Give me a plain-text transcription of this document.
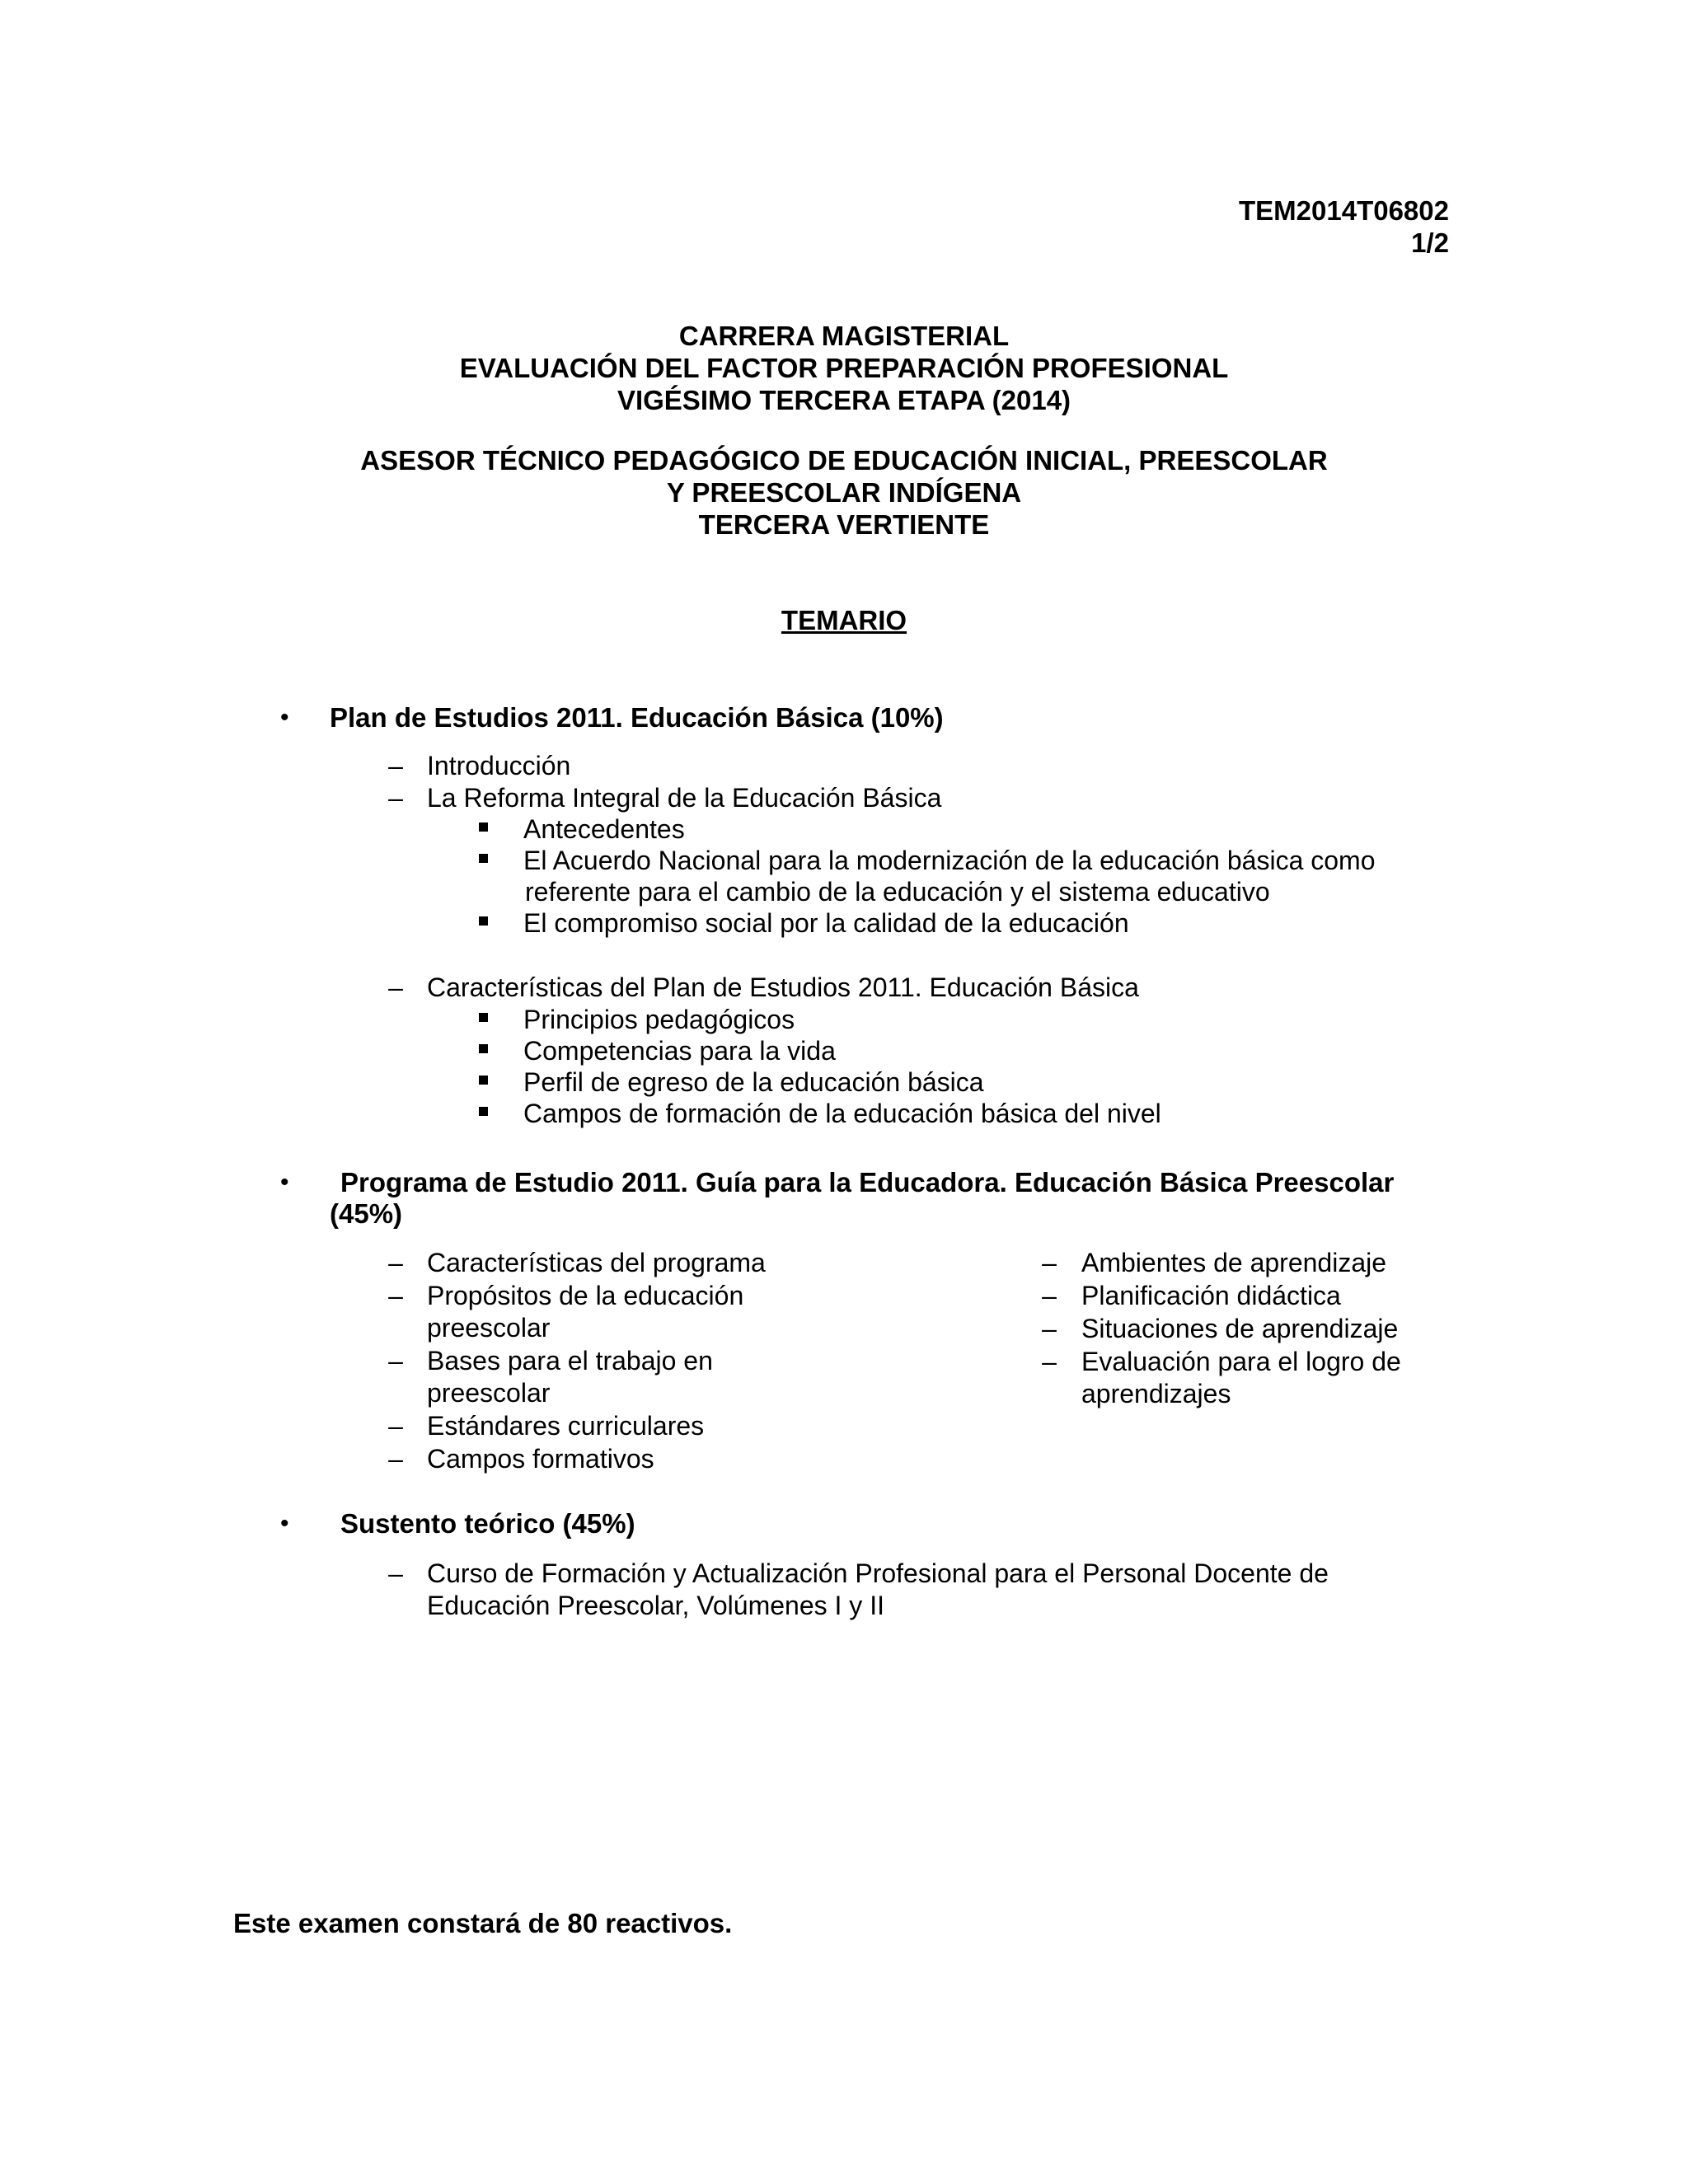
TEM2014T06802
1/2
CARRERA MAGISTERIAL
EVALUACIÓN DEL FACTOR PREPARACIÓN PROFESIONAL
VIGÉSIMO TERCERA ETAPA (2014)
ASESOR TÉCNICO PEDAGÓGICO DE EDUCACIÓN INICIAL, PREESCOLAR
Y PREESCOLAR INDÍGENA
TERCERA VERTIENTE
TEMARIO
• Plan de Estudios 2011. Educación Básica (10%)
– Introducción
– La Reforma Integral de la Educación Básica
Antecedentes
El Acuerdo Nacional para la modernización de la educación básica como
referente para el cambio de la educación y el sistema educativo
El compromiso social por la calidad de la educación
– Características del Plan de Estudios 2011. Educación Básica
Principios pedagógicos
Competencias para la vida
Perfil de egreso de la educación básica
Campos de formación de la educación básica del nivel
• Programa de Estudio 2011. Guía para la Educadora. Educación Básica Preescolar
(45%)
– Características del programa
– Propósitos de la educación
preescolar
– Bases para el trabajo en
preescolar
– Estándares curriculares
– Campos formativos
– Ambientes de aprendizaje
– Planificación didáctica
– Situaciones de aprendizaje
– Evaluación para el logro de
aprendizajes
• Sustento teórico (45%)
– Curso de Formación y Actualización Profesional para el Personal Docente de
Educación Preescolar, Volúmenes I y II
Este examen constará de 80 reactivos.
